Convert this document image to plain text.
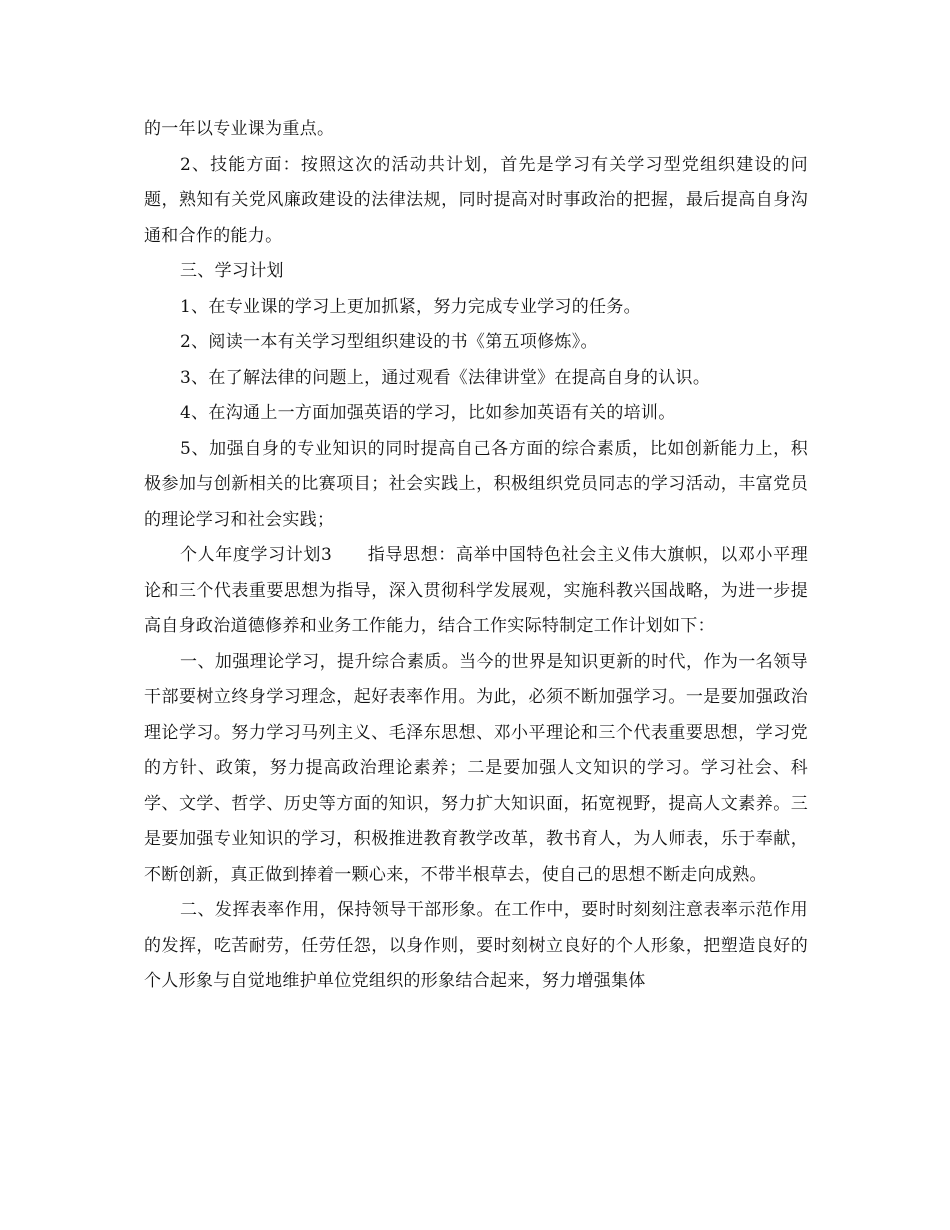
的一年以专业课为重点。

2、技能方面：按照这次的活动共计划，首先是学习有关学习型党组织建设的问题，熟知有关党风廉政建设的法律法规，同时提高对时事政治的把握，最后提高自身沟通和合作的能力。

三、学习计划

1、在专业课的学习上更加抓紧，努力完成专业学习的任务。

2、阅读一本有关学习型组织建设的书《第五项修炼》。

3、在了解法律的问题上，通过观看《法律讲堂》在提高自身的认识。

4、在沟通上一方面加强英语的学习，比如参加英语有关的培训。

5、加强自身的专业知识的同时提高自己各方面的综合素质，比如创新能力上，积极参加与创新相关的比赛项目；社会实践上，积极组织党员同志的学习活动，丰富党员的理论学习和社会实践；

个人年度学习计划3　　指导思想：高举中国特色社会主义伟大旗帜，以邓小平理论和三个代表重要思想为指导，深入贯彻科学发展观，实施科教兴国战略，为进一步提高自身政治道德修养和业务工作能力，结合工作实际特制定工作计划如下：

一、加强理论学习，提升综合素质。当今的世界是知识更新的时代，作为一名领导干部要树立终身学习理念，起好表率作用。为此，必须不断加强学习。一是要加强政治理论学习。努力学习马列主义、毛泽东思想、邓小平理论和三个代表重要思想，学习党的方针、政策，努力提高政治理论素养；二是要加强人文知识的学习。学习社会、科学、文学、哲学、历史等方面的知识，努力扩大知识面，拓宽视野，提高人文素养。三是要加强专业知识的学习，积极推进教育教学改革，教书育人，为人师表，乐于奉献，不断创新，真正做到捧着一颗心来，不带半根草去，使自己的思想不断走向成熟。

二、发挥表率作用，保持领导干部形象。在工作中，要时时刻刻注意表率示范作用的发挥，吃苦耐劳，任劳任怨，以身作则，要时刻树立良好的个人形象，把塑造良好的个人形象与自觉地维护单位党组织的形象结合起来，努力增强集体
